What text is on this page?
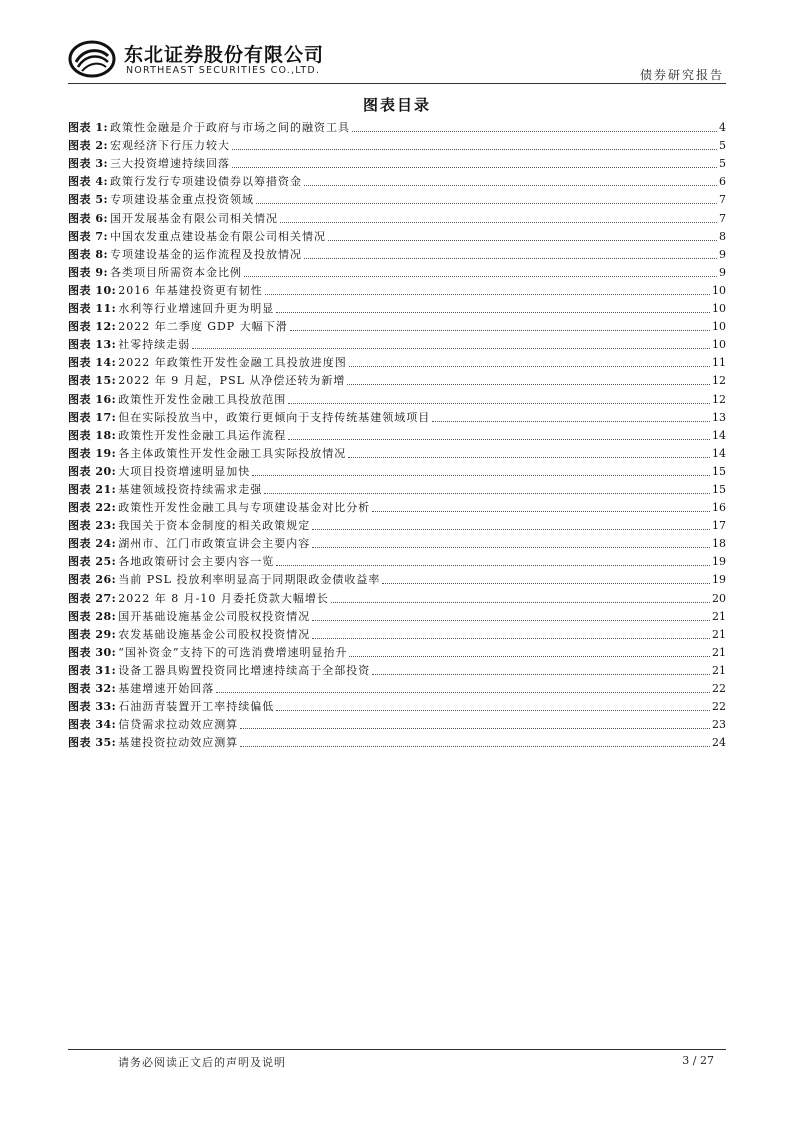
东北证券股份有限公司
NORTHEAST SECURITIES CO.,LTD.	债券研究报告
图表目录
图表 1: 政策性金融是介于政府与市场之间的融资工具	4
图表 2: 宏观经济下行压力较大	5
图表 3: 三大投资增速持续回落	5
图表 4: 政策行发行专项建设债券以筹措资金	6
图表 5: 专项建设基金重点投资领域	7
图表 6: 国开发展基金有限公司相关情况	7
图表 7: 中国农发重点建设基金有限公司相关情况	8
图表 8: 专项建设基金的运作流程及投放情况	9
图表 9: 各类项目所需资本金比例	9
图表 10: 2016 年基建投资更有韧性	10
图表 11: 水利等行业增速回升更为明显	10
图表 12: 2022 年二季度 GDP 大幅下滑	10
图表 13: 社零持续走弱	10
图表 14: 2022 年政策性开发性金融工具投放进度图	11
图表 15: 2022 年 9 月起，PSL 从净偿还转为新增	12
图表 16: 政策性开发性金融工具投放范围	12
图表 17: 但在实际投放当中，政策行更倾向于支持传统基建领域项目	13
图表 18: 政策性开发性金融工具运作流程	14
图表 19: 各主体政策性开发性金融工具实际投放情况	14
图表 20: 大项目投资增速明显加快	15
图表 21: 基建领域投资持续需求走强	15
图表 22: 政策性开发性金融工具与专项建设基金对比分析	16
图表 23: 我国关于资本金制度的相关政策规定	17
图表 24: 湖州市、江门市政策宣讲会主要内容	18
图表 25: 各地政策研讨会主要内容一览	19
图表 26: 当前 PSL 投放利率明显高于同期限政金债收益率	19
图表 27: 2022 年 8 月-10 月委托贷款大幅增长	20
图表 28: 国开基础设施基金公司股权投资情况	21
图表 29: 农发基础设施基金公司股权投资情况	21
图表 30: “国补资金”支持下的可选消费增速明显抬升	21
图表 31: 设备工器具购置投资同比增速持续高于全部投资	21
图表 32: 基建增速开始回落	22
图表 33: 石油沥青装置开工率持续偏低	22
图表 34: 信贷需求拉动效应测算	23
图表 35: 基建投资拉动效应测算	24
请务必阅读正文后的声明及说明	3 / 27
